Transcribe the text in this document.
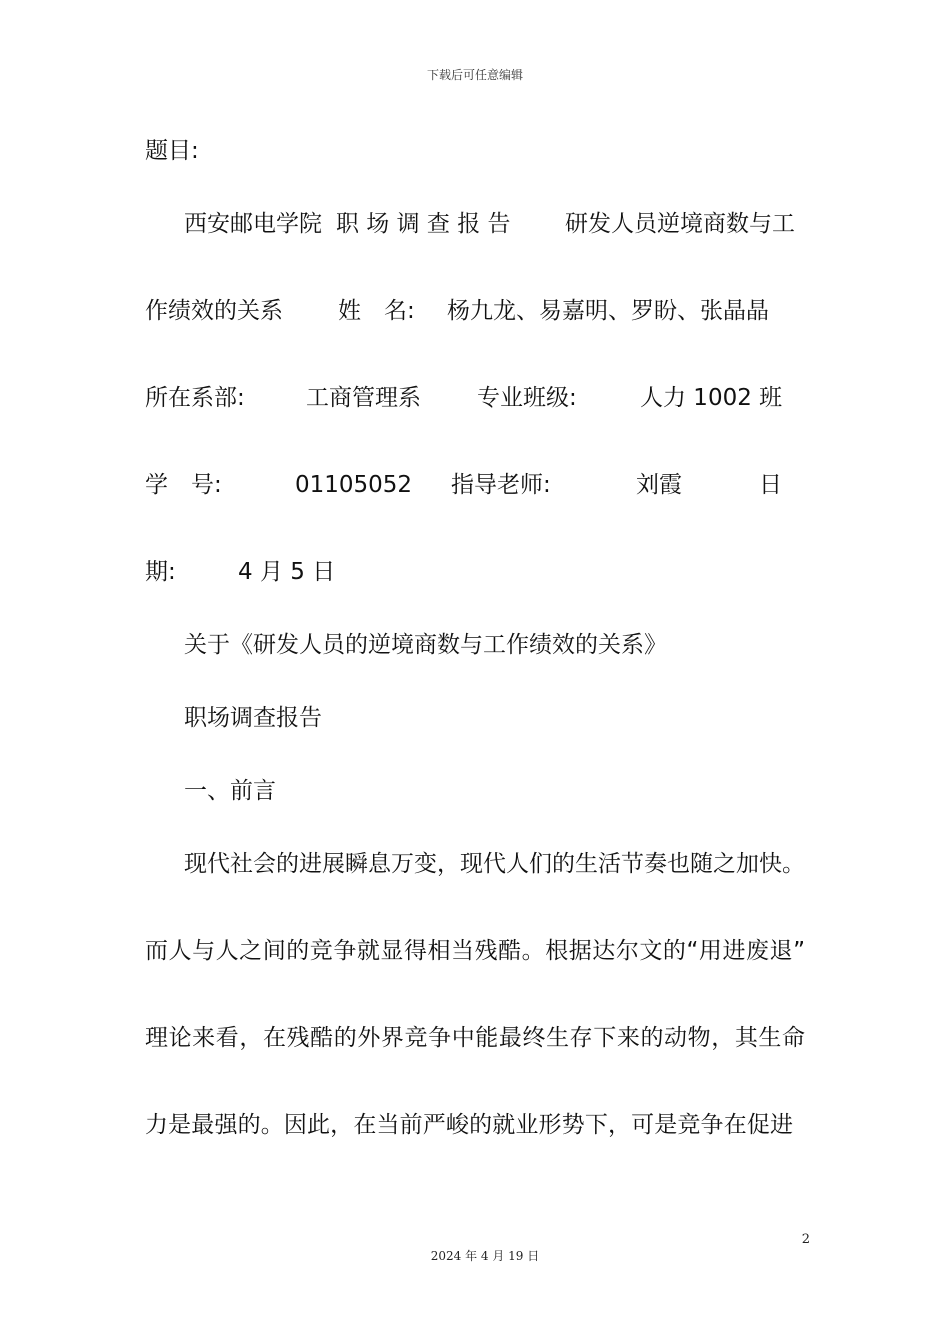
下载后可任意编辑
题目:
西安邮电学院 职 场 调 查 报 告 研发人员逆境商数与工
作绩效的关系 姓　名: 杨九龙、易嘉明、罗盼、张晶晶
所在系部:	工商管理系 专业班级:	人力 1002 班
学　号:	01105052 指导老师:	刘霞	日
期:	4 月 5 日
关于《研发人员的逆境商数与工作绩效的关系》
职场调查报告
一、前言
现代社会的进展瞬息万变，现代人们的生活节奏也随之加快。
而人与人之间的竞争就显得相当残酷。根据达尔文的“用进废退”
理论来看，在残酷的外界竞争中能最终生存下来的动物，其生命
力是最强的。因此，在当前严峻的就业形势下，可是竞争在促进
2
2024 年 4 月 19 日
